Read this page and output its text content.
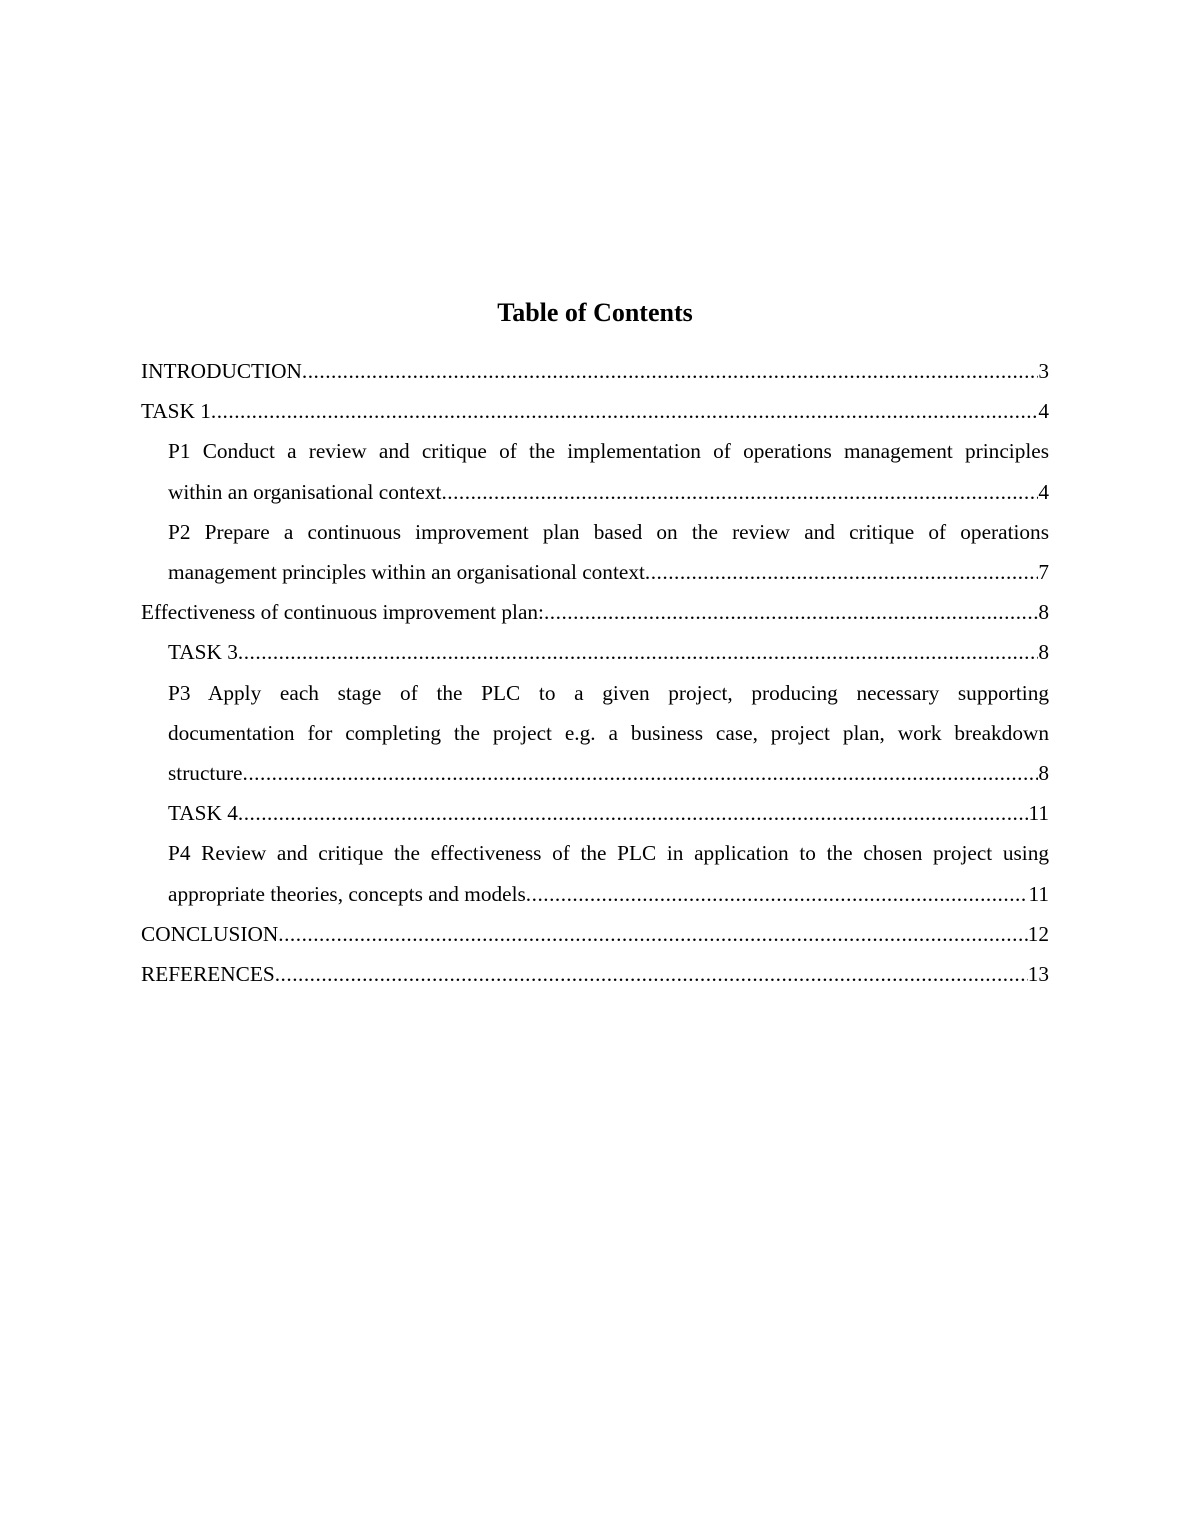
Table of Contents
INTRODUCTION .....	3
TASK 1 .....	4
P1 Conduct a review and critique of the implementation of operations management principles
within an organisational context .....	4
P2 Prepare a continuous improvement plan based on the review and critique of operations
management principles within an organisational context .....	7
Effectiveness of continuous improvement plan: .....	8
TASK 3 .....	8
P3 Apply each stage of the PLC to a given project, producing necessary supporting
documentation for completing the project e.g. a business case, project plan, work breakdown
structure .....	8
TASK 4 .....	11
P4 Review and critique the effectiveness of the PLC in application to the chosen project using
appropriate theories, concepts and models .....	11
CONCLUSION .....	12
REFERENCES .....	13
